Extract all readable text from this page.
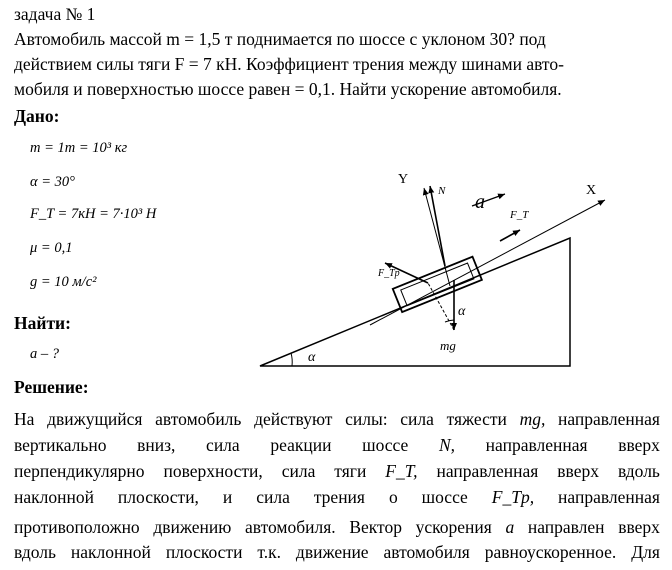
задача № 1
Автомобиль массой m = 1,5 т поднимается по шоссе с уклоном 30? под
действием силы тяги F = 7 кН. Коэффициент трения между шинами авто-
мобиля и поверхностью шоссе равен = 0,1. Найти ускорение автомобиля.
Дано:
m = 1m = 10³ кг
α = 30°
F_T = 7кН = 7·10³ Н
μ = 0,1
g = 10 м/c²
Найти:
a – ?
Решение:
Y
X
N a
F_T
F_Tр
α
α
mg
На движущийся автомобиль действуют силы: сила тяжести mg, направленная
вертикально вниз, сила реакции шоссе N, направленная вверх
перпендикулярно поверхности, сила тяги F_T, направленная вверх вдоль
наклонной плоскости, и сила трения о шоссе F_Tр, направленная
противоположно движению автомобиля. Вектор ускорения a направлен вверх
вдоль наклонной плоскости т.к. движение автомобиля равноускоренное. Для
